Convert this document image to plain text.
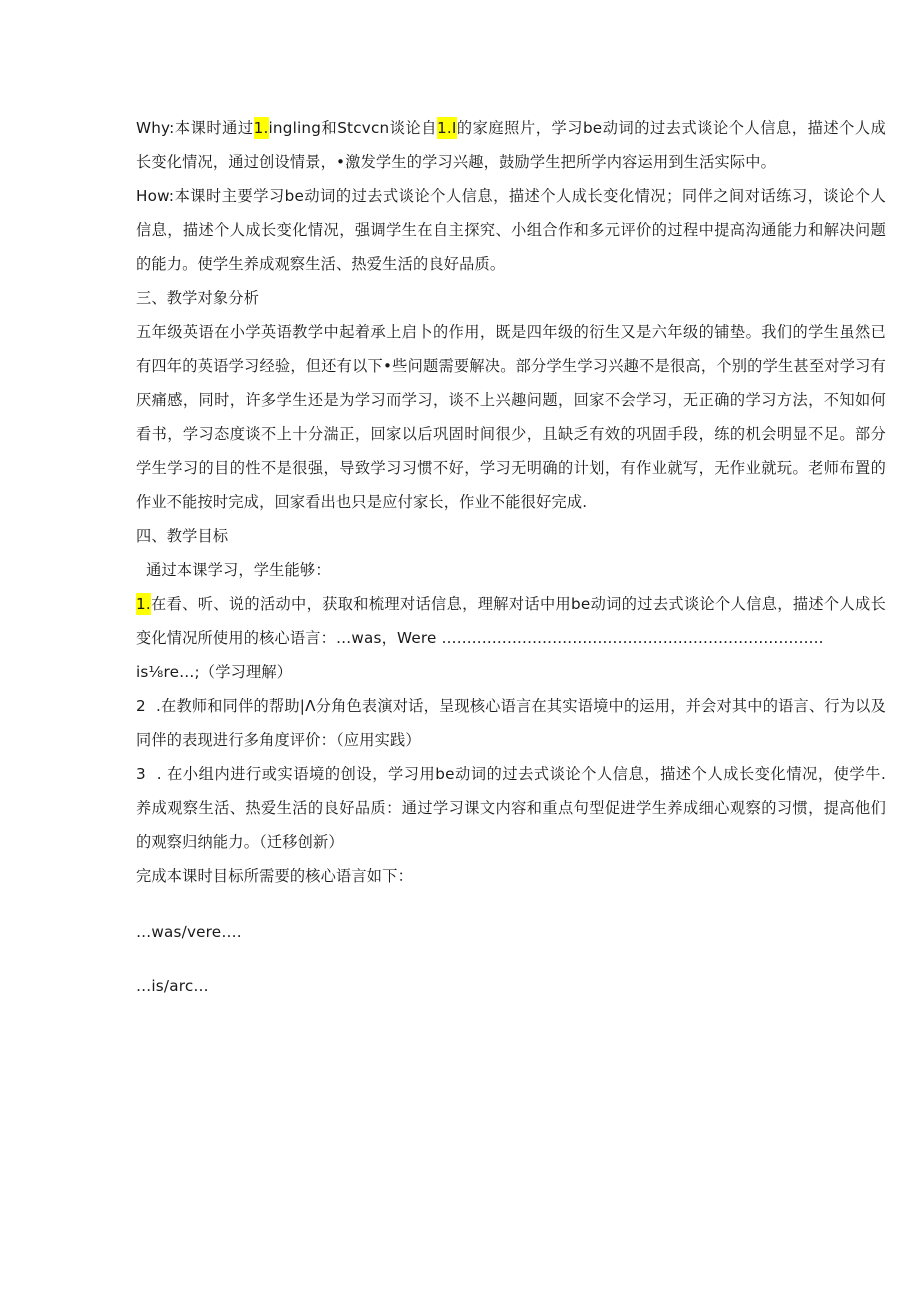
Why:本课时通过1.ingling和Stcvcn谈论自1.I的家庭照片，学习be动词的过去式谈论个人信息，描述个人成长变化情况，通过创设情景，•激发学生的学习兴趣，鼓励学生把所学内容运用到生活实际中。

How:本课时主要学习be动词的过去式谈论个人信息，描述个人成长变化情况；同伴之间对话练习，谈论个人信息，描述个人成长变化情况，强调学生在自主探究、小组合作和多元评价的过程中提高沟通能力和解决问题的能力。使学生养成观察生活、热爱生活的良好品质。

三、教学对象分析

五年级英语在小学英语教学中起着承上启卜的作用，既是四年级的衍生又是六年级的铺垫。我们的学生虽然已有四年的英语学习经验，但还有以下•些问题需要解决。部分学生学习兴趣不是很高，个别的学生甚至对学习有厌痛感，同时，许多学生还是为学习而学习，谈不上兴趣问题，回家不会学习，无正确的学习方法，不知如何看书，学习态度谈不上十分湍正，回家以后巩固时间很少，且缺乏有效的巩固手段，练的机会明显不足。部分学生学习的目的性不是很强，导致学习习惯不好，学习无明确的计划，有作业就写，无作业就玩。老师布置的作业不能按时完成，回家看出也只是应付家长，作业不能很好完成.

四、教学目标

通过本课学习，学生能够：

1.在看、听、说的活动中，获取和梳理对话信息，理解对话中用be动词的过去式谈论个人信息，描述个人成长变化情况所使用的核心语言：…was，Were ............................................................................

is⅛re…;（学习理解）

2  .在教师和同伴的帮助|Λ分角色表演对话，呈现核心语言在其实语境中的运用，并会对其中的语言、行为以及同伴的表现进行多角度评价：（应用实践）

3  . 在小组内进行或实语境的创设，学习用be动词的过去式谈论个人信息，描述个人成长变化情况，使学牛. 养成观察生活、热爱生活的良好品质：通过学习课文内容和重点句型促进学生养成细心观察的习惯，提高他们的观察归纳能力。（迁移创新）

完成本课时目标所需要的核心语言如下：

…was∕vere….

…is/arc…
